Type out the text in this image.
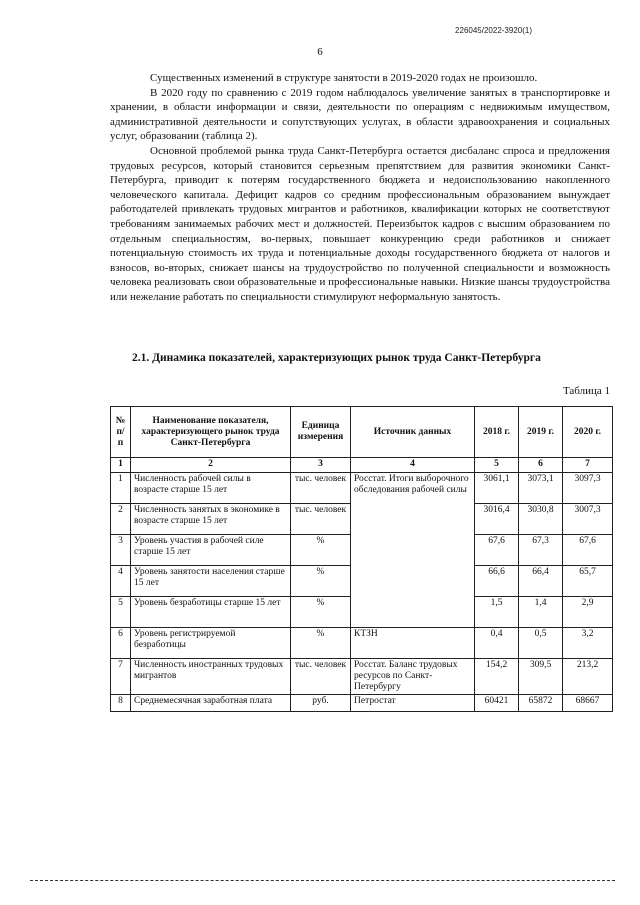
226045/2022-3920(1)
6

Существенных изменений в структуре занятости в 2019-2020 годах не произошло.

В 2020 году по сравнению с 2019 годом наблюдалось увеличение занятых в транспортировке и хранении, в области информации и связи, деятельности по операциям с недвижимым имуществом, административной деятельности и сопутствующих услугах, в области здравоохранения и социальных услуг, образовании (таблица 2).

Основной проблемой рынка труда Санкт-Петербурга остается дисбаланс спроса и предложения трудовых ресурсов, который становится серьезным препятствием для развития экономики Санкт-Петербурга, приводит к потерям государственного бюджета и недоиспользованию накопленного человеческого капитала. Дефицит кадров со средним профессиональным образованием вынуждает работодателей привлекать трудовых мигрантов и работников, квалификации которых не соответствуют требованиям занимаемых рабочих мест и должностей. Переизбыток кадров с высшим образованием по отдельным специальностям, во-первых, повышает конкуренцию среди работников и снижает потенциальную стоимость их труда и потенциальные доходы государственного бюджета от налогов и взносов, во-вторых, снижает шансы на трудоустройство по полученной специальности и возможность человека реализовать свои образовательные и профессиональные навыки. Низкие шансы трудоустройства или нежелание работать по специальности стимулируют неформальную занятость.

2.1. Динамика показателей, характеризующих рынок труда Санкт-Петербурга
Таблица 1
№ п/п	Наименование показателя, характеризующего рынок труда Санкт-Петербурга	Единица измерения	Источник данных	2018 г.	2019 г.	2020 г.
1	2	3	4	5	6	7
1	Численность рабочей силы в возрасте старше 15 лет	тыс. человек	Росстат. Итоги выборочного обследования рабочей силы	3061,1	3073,1	3097,3
2	Численность занятых в экономике в возрасте старше 15 лет	тыс. человек		3016,4	3030,8	3007,3
3	Уровень участия в рабочей силе старше 15 лет	%		67,6	67,3	67,6
4	Уровень занятости населения старше 15 лет	%		66,6	66,4	65,7
5	Уровень безработицы старше 15 лет	%		1,5	1,4	2,9
6	Уровень регистрируемой безработицы	%	КТЗН	0,4	0,5	3,2
7	Численность иностранных трудовых мигрантов	тыс. человек	Росстат. Баланс трудовых ресурсов по Санкт-Петербургу	154,2	309,5	213,2
8	Среднемесячная заработная плата	руб.	Петростат	60421	65872	68667
